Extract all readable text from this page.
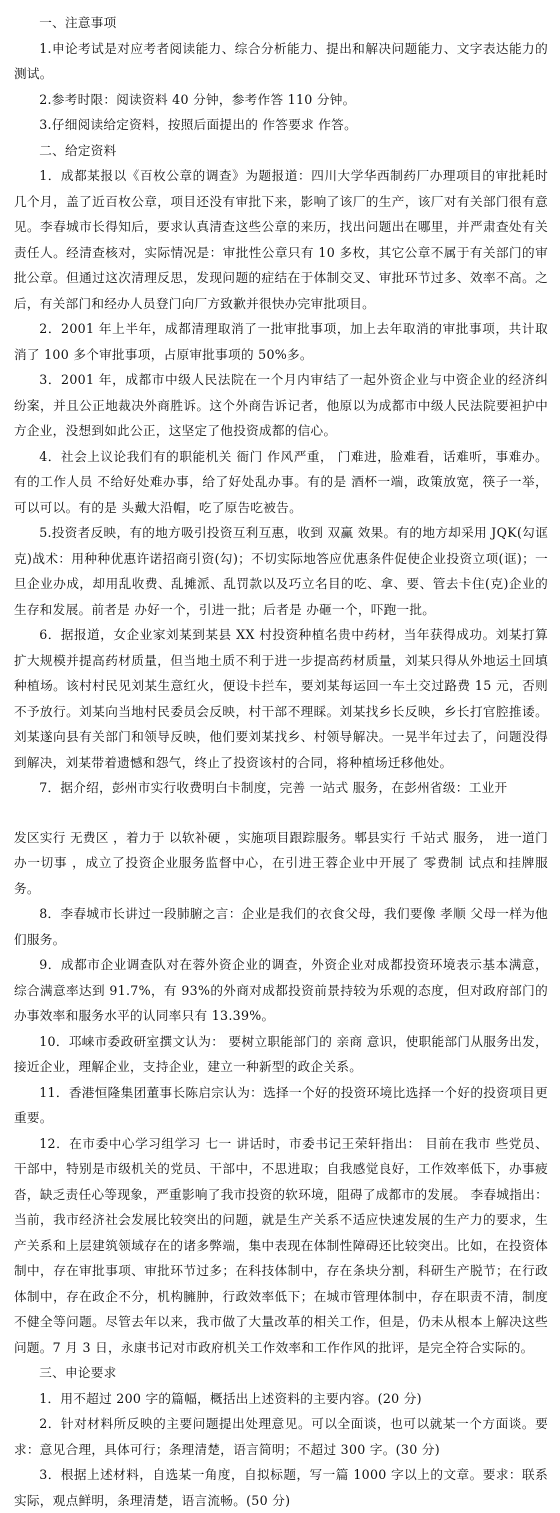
一、注意事项

1.申论考试是对应考者阅读能力、综合分析能力、提出和解决问题能力、文字表达能力的测试。

2.参考时限：阅读资料 40 分钟，参考作答 110 分钟。

3.仔细阅读给定资料，按照后面提出的 作答要求 作答。

二、给定资料

1．成都某报以《百枚公章的调查》为题报道：四川大学华西制药厂办理项目的审批耗时几个月，盖了近百枚公章，项目还没有审批下来，影响了该厂的生产，该厂对有关部门很有意见。李春城市长得知后，要求认真清查这些公章的来历，找出问题出在哪里，并严肃查处有关责任人。经清查核对，实际情况是：审批性公章只有 10 多枚，其它公章不属于有关部门的审批公章。但通过这次清理反思，发现问题的症结在于体制交叉、审批环节过多、效率不高。之后，有关部门和经办人员登门向厂方致歉并很快办完审批项目。

2．2001 年上半年，成都清理取消了一批审批事项，加上去年取消的审批事项，共计取消了 100 多个审批事项，占原审批事项的 50%多。

3．2001 年，成都市中级人民法院在一个月内审结了一起外资企业与中资企业的经济纠纷案，并且公正地裁决外商胜诉。这个外商告诉记者，他原以为成都市中级人民法院要袒护中方企业，没想到如此公正，这坚定了他投资成都的信心。

4．社会上议论我们有的职能机关 衙门 作风严重， 门难进，脸难看，话难听，事难办。有的工作人员 不给好处难办事，给了好处乱办事。有的是 酒杯一端，政策放宽，筷子一举，可以可以。有的是 头戴大沿帽，吃了原告吃被告。

5.投资者反映，有的地方吸引投资互利互惠，收到 双赢 效果。有的地方却采用 JQK(勾诓克)战术：用种种优惠许诺招商引资(勾)；不切实际地答应优惠条件促使企业投资立项(诓)；一旦企业办成，却用乱收费、乱摊派、乱罚款以及巧立名目的吃、拿、要、管去卡住(克)企业的生存和发展。前者是 办好一个，引进一批；后者是 办砸一个，吓跑一批。

6．据报道，女企业家刘某到某县 XX 村投资种植名贵中药材，当年获得成功。刘某打算扩大规模并提高药材质量，但当地土质不利于进一步提高药材质量，刘某只得从外地运土回填种植场。该村村民见刘某生意红火，便设卡拦车，要刘某每运回一车土交过路费 15 元，否则不予放行。刘某向当地村民委员会反映，村干部不理睬。刘某找乡长反映，乡长打官腔推诿。刘某遂向县有关部门和领导反映，他们要刘某找乡、村领导解决。一晃半年过去了，问题没得到解决，刘某带着遗憾和怨气，终止了投资该村的合同，将种植场迁移他处。

7．据介绍，彭州市实行收费明白卡制度，完善 一站式 服务，在彭州省级：工业开

发区实行 无费区 ，着力于 以软补硬 ，实施项目跟踪服务。郫县实行 千站式 服务， 进一道门办一切事 ，成立了投资企业服务监督中心，在引进王蓉企业中开展了 零费制 试点和挂牌服务。

8．李春城市长讲过一段肺腑之言：企业是我们的衣食父母，我们要像 孝顺 父母一样为他们服务。

9．成都市企业调查队对在蓉外资企业的调查，外资企业对成都投资环境表示基本满意，综合满意率达到 91.7%，有 93%的外商对成都投资前景持较为乐观的态度，但对政府部门的办事效率和服务水平的认同率只有 13.39%。

10．邛崃市委政研室撰文认为： 要树立职能部门的 亲商 意识，使职能部门从服务出发，接近企业，理解企业，支持企业，建立一种新型的政企关系。

11．香港恒隆集团董事长陈启宗认为：选择一个好的投资环境比选择一个好的投资项目更重要。

12．在市委中心学习组学习 七一 讲话时，市委书记王荣轩指出： 目前在我市 些党员、干部中，特别是市级机关的党员、干部中，不思进取；自我感觉良好，工作效率低下，办事疲沓，缺乏责任心等现象，严重影响了我市投资的软环境，阻碍了成都市的发展。 李春城指出： 当前，我市经济社会发展比较突出的问题，就是生产关系不适应快速发展的生产力的要求，生产关系和上层建筑领域存在的诸多弊端，集中表现在体制性障碍还比较突出。比如，在投资体制中，存在审批事项、审批环节过多；在科技体制中，存在条块分割，科研生产脱节；在行政体制中，存在政企不分，机构臃肿，行政效率低下；在城市管理体制中，存在职责不清，制度不健全等问题。尽管去年以来，我市做了大量改革的相关工作，但是，仍未从根本上解决这些问题。7 月 3 日，永康书记对市政府机关工作效率和工作作风的批评，是完全符合实际的。

三、申论要求

1．用不超过 200 字的篇幅，概括出上述资料的主要内容。(20 分)

2．针对材料所反映的主要问题提出处理意见。可以全面谈，也可以就某一个方面谈。要求：意见合理，具体可行；条理清楚，语言简明；不超过 300 字。(30 分)

3．根据上述材料，自选某一角度，自拟标题，写一篇 1000 字以上的文章。要求：联系实际，观点鲜明，条理清楚，语言流畅。(50 分)
